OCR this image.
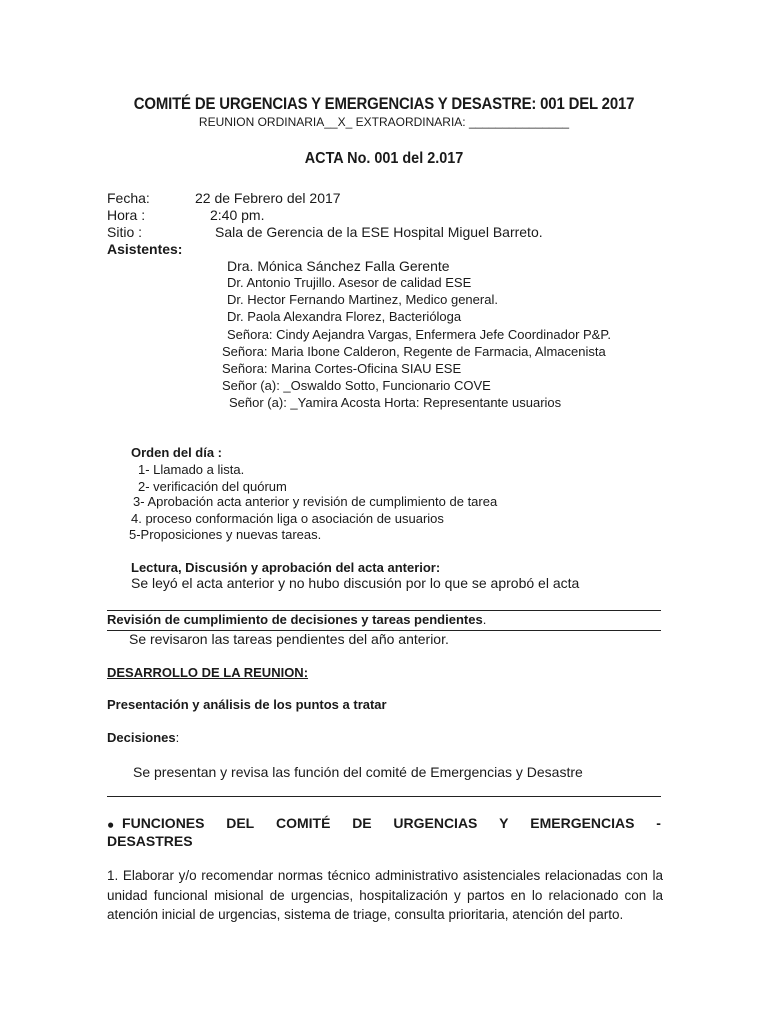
COMITÉ DE URGENCIAS Y EMERGENCIAS Y DESASTRE: 001 DEL 2017
REUNION ORDINARIA__X_ EXTRAORDINARIA: _______________
ACTA No. 001 del 2.017
Fecha:	22 de Febrero del 2017
Hora :	2:40 pm.
Sitio :	Sala de Gerencia de la ESE Hospital Miguel Barreto.
Asistentes:
Dra. Mónica Sánchez Falla Gerente
Dr. Antonio Trujillo. Asesor de calidad ESE
Dr. Hector Fernando Martinez, Medico general.
Dr. Paola Alexandra Florez, Bacterióloga
Señora: Cindy Aejandra Vargas, Enfermera Jefe Coordinador P&P.
Señora: Maria Ibone Calderon, Regente de Farmacia, Almacenista
Señora: Marina Cortes-Oficina SIAU ESE
Señor (a): _Oswaldo Sotto, Funcionario COVE
Señor (a): _Yamira Acosta Horta: Representante usuarios
Orden del día :
1- Llamado a lista.
2- verificación del quórum
3- Aprobación acta anterior y revisión de cumplimiento de tarea
4. proceso conformación liga o asociación de usuarios
5-Proposiciones y nuevas tareas.
Lectura, Discusión y aprobación del acta anterior:
Se leyó el acta anterior y no hubo discusión por lo que se aprobó el acta
Revisión de cumplimiento de decisiones y tareas pendientes.
Se revisaron las tareas pendientes del año anterior.
DESARROLLO DE LA REUNION:
Presentación y análisis de los puntos a tratar
Decisiones:
Se presentan y revisa las función del comité de Emergencias y Desastre
● FUNCIONES DEL COMITÉ DE URGENCIAS Y EMERGENCIAS -
DESASTRES
1. Elaborar y/o recomendar normas técnico administrativo asistenciales relacionadas con la unidad funcional misional de urgencias, hospitalización y partos en lo relacionado con la atención inicial de urgencias, sistema de triage, consulta prioritaria, atención del parto.
